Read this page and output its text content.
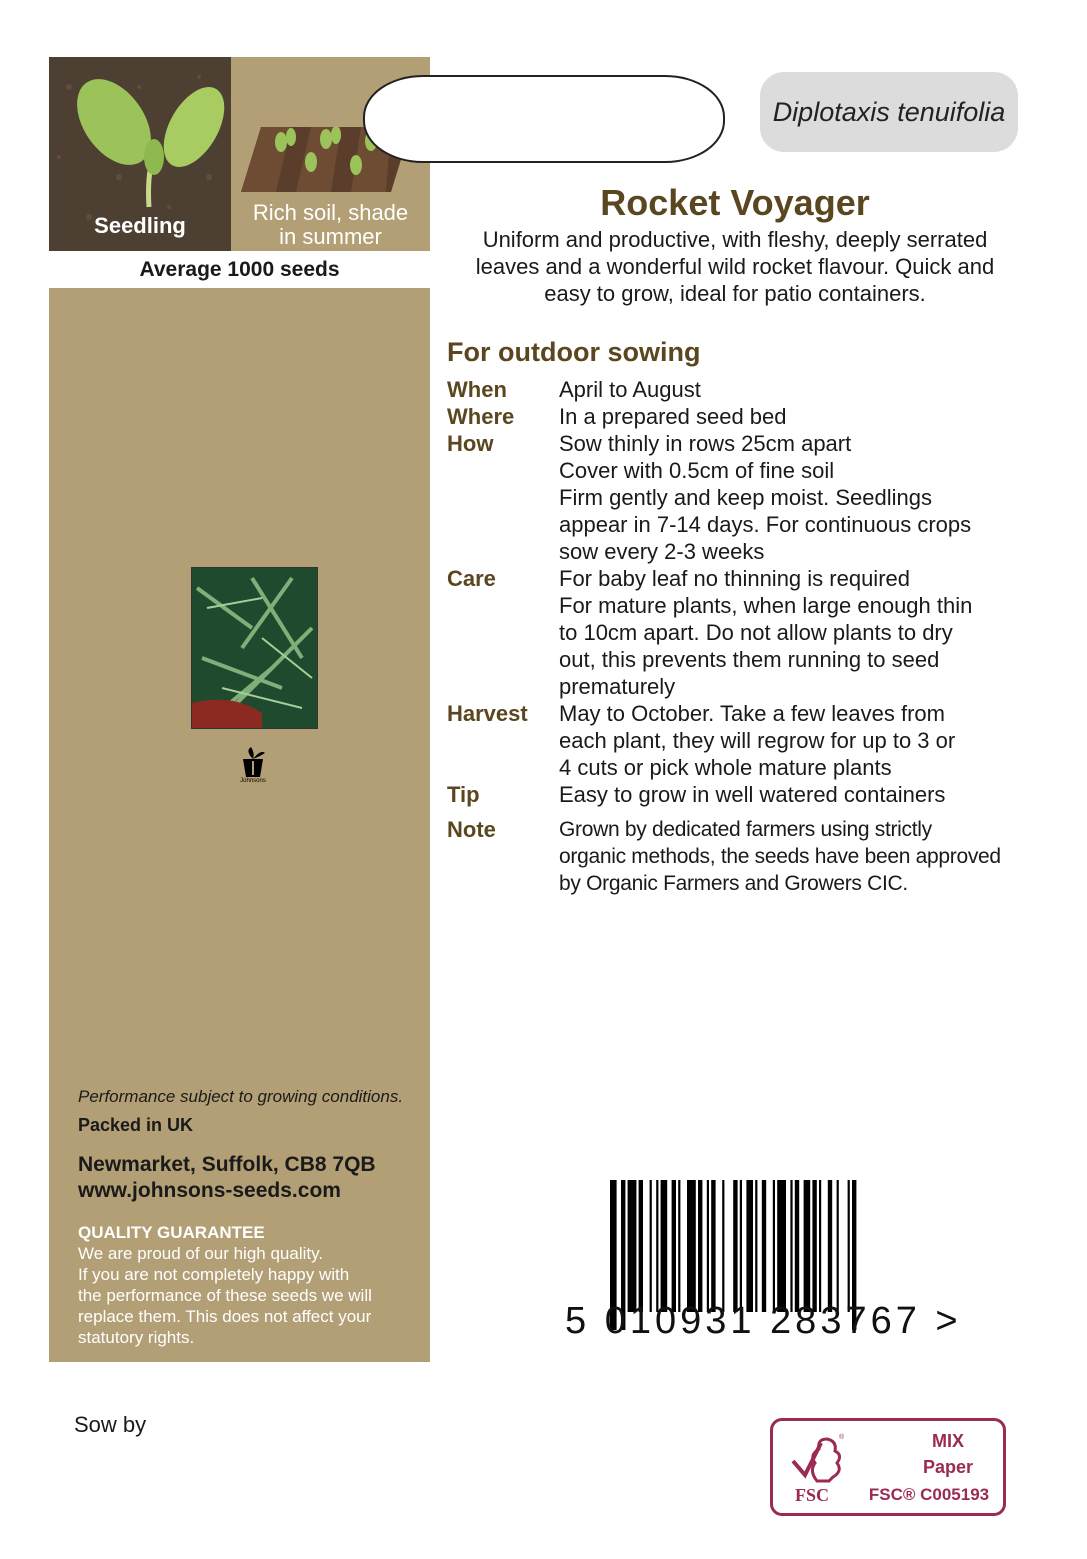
Seedling
Rich soil, shade
in summer
Average 1000 seeds
Johnsons
Performance subject to growing conditions.
Packed in UK
Newmarket, Suffolk, CB8 7QB
www.johnsons-seeds.com
QUALITY GUARANTEE
We are proud of our high quality.
If you are not completely happy with
the performance of these seeds we will
replace them. This does not affect your
statutory rights.
Diplotaxis tenuifolia
Rocket Voyager
Uniform and productive, with fleshy, deeply serrated
leaves and a wonderful wild rocket flavour. Quick and
easy to grow, ideal for patio containers.
For outdoor sowing
When	April to August
Where	In a prepared seed bed
How	Sow thinly in rows 25cm apart
Cover with 0.5cm of fine soil
Firm gently and keep moist. Seedlings
appear in 7-14 days. For continuous crops
sow every 2-3 weeks
Care	For baby leaf no thinning is required
For mature plants, when large enough thin
to 10cm apart. Do not allow plants to dry
out, this prevents them running to seed
prematurely
Harvest	May to October. Take a few leaves from
each plant, they will regrow for up to 3 or
4 cuts or pick whole mature plants
Tip	Easy to grow in well watered containers
Note	Grown by dedicated farmers using strictly
organic methods, the seeds have been approved
by Organic Farmers and Growers CIC.
5 010931 283767 >
Sow by
®
FSC
MIX
Paper
FSC® C005193
